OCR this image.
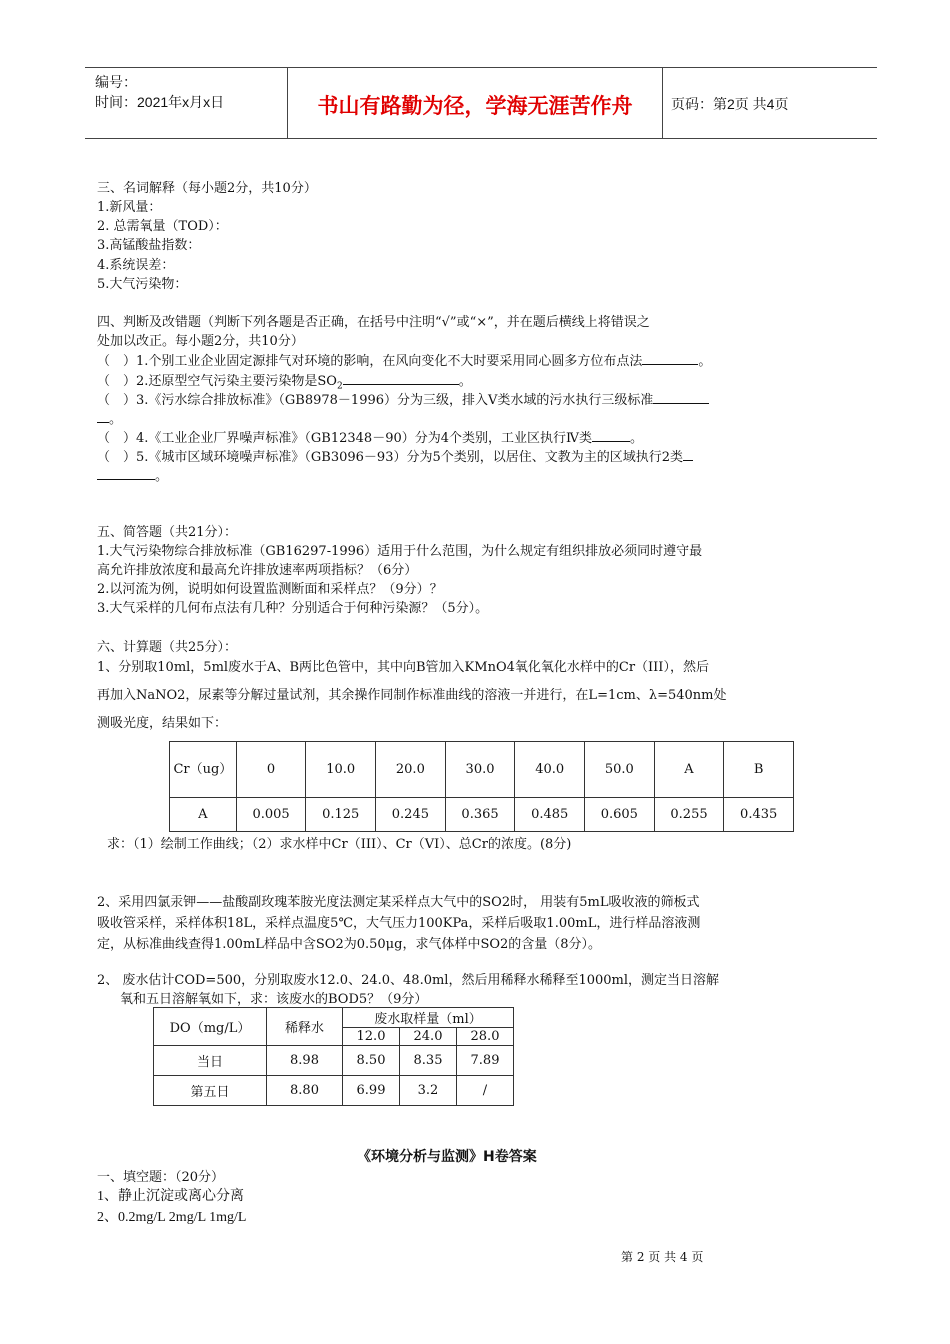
编号：
时间：2021年x月x日	书山有路勤为径，学海无涯苦作舟	页码：第2页 共4页
三、名词解释（每小题2分，共10分）
1.新风量：
2. 总需氧量（TOD）：
3.高锰酸盐指数：
4.系统误差：
5.大气污染物：
四、判断及改错题（判断下列各题是否正确，在括号中注明“√”或“×”，并在题后横线上将错误之
处加以改正。每小题2分，共10分）
（　）1.个别工业企业固定源排气对环境的影响，在风向变化不大时要采用同心圆多方位布点法	。
（　）2.还原型空气污染主要污染物是$SO_2$	。
（　）3.《污水综合排放标准》（GB8978－1996）分为三级，排入Ⅴ类水域的污水执行三级标准
。
（　）4.《工业企业厂界噪声标准》（GB12348－90）分为4个类别，工业区执行Ⅳ类	。
（　）5.《城市区域环境噪声标准》（GB3096－93）分为5个类别，以居住、文教为主的区域执行2类
。
五、简答题（共21分）：
1.大气污染物综合排放标准（GB16297-1996）适用于什么范围，为什么规定有组织排放必须同时遵守最
高允许排放浓度和最高允许排放速率两项指标？（6分）
2.以河流为例，说明如何设置监测断面和采样点？（9分）？
3.大气采样的几何布点法有几种？分别适合于何种污染源？（5分）。
六、计算题（共25分）：
1、分别取10ml，5ml废水于A、B两比色管中，其中向B管加入KMnO4氧化氧化水样中的Cr（III），然后
再加入NaNO2，尿素等分解过量试剂，其余操作同制作标准曲线的溶液一并进行，在L=1cm、λ=540nm处
测吸光度，结果如下：
Cr（ug）	0	10.0	20.0	30.0	40.0	50.0	A	B
A	0.005	0.125	0.245	0.365	0.485	0.605	0.255	0.435
求：（1）绘制工作曲线；（2）求水样中Cr（III）、Cr（VI）、总Cr的浓度。(8分)
2、采用四氯汞钾——盐酸副玫瑰苯胺光度法测定某采样点大气中的SO2时， 用装有5mL吸收液的筛板式
吸收管采样，采样体积18L，采样点温度5℃，大气压力100KPa，采样后吸取1.00mL，进行样品溶液测
定，从标准曲线查得1.00mL样品中含SO2为0.50μg，求气体样中SO2的含量（8分）。
2、 废水估计COD=500，分别取废水12.0、24.0、48.0ml，然后用稀释水稀释至1000ml，测定当日溶解
氧和五日溶解氧如下，求：该废水的BOD5？（9分）
DO（mg/L）	稀释水	废水取样量（ml）		
		12.0	24.0	28.0
当日	8.98	8.50	8.35	7.89
第五日	8.80	6.99	3.2	/
《环境分析与监测》H卷答案
一、填空题：（20分）
1、静止沉淀或离心分离
2、0.2mg/L 2mg/L 1mg/L
第 2 页 共 4 页
